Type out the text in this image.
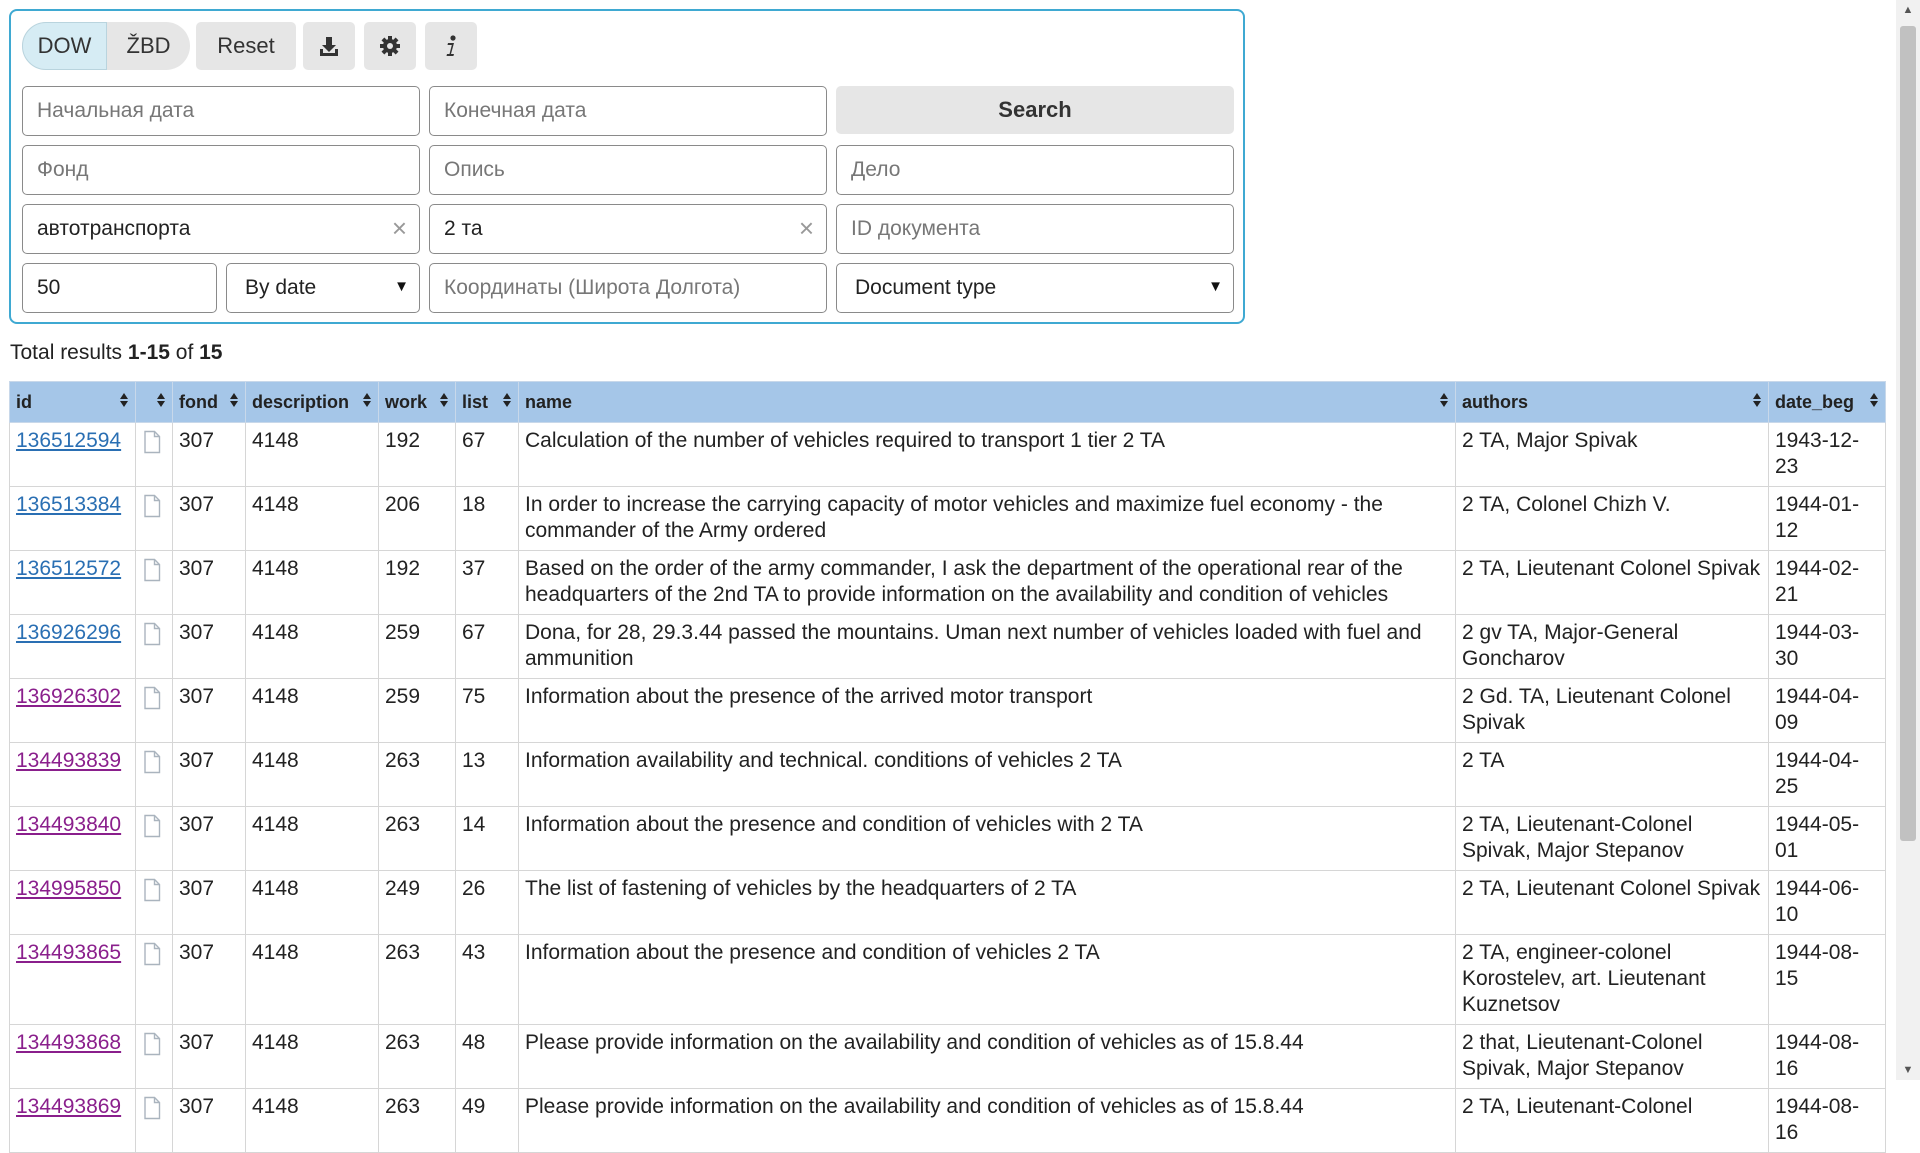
DOW	ŽBD	Reset
Начальная дата	Конечная дата	Search
Фонд	Опись	Дело
автотранспорта	× 2 та	×	ID документа
50	By date	▼	Координаты (Широта Долгота)	Document type	▼
Total results 1-15 of 15
id		fond	description	work	list	name	authors	date_beg

136512594		307	4148	192	67	Calculation of the number of vehicles required to transport 1 tier 2 TA	2 TA, Major Spivak	1943-12-23
136513384		307	4148	206	18	In order to increase the carrying capacity of motor vehicles and maximize fuel economy - the commander of the Army ordered	2 TA, Colonel Chizh V.	1944-01-12
136512572		307	4148	192	37	Based on the order of the army commander, I ask the department of the operational rear of the headquarters of the 2nd TA to provide information on the availability and condition of vehicles	2 TA, Lieutenant Colonel Spivak	1944-02-21
136926296		307	4148	259	67	Dona, for 28, 29.3.44 passed the mountains. Uman next number of vehicles loaded with fuel and ammunition	2 gv TA, Major-General Goncharov	1944-03-30
136926302		307	4148	259	75	Information about the presence of the arrived motor transport	2 Gd. TA, Lieutenant Colonel Spivak	1944-04-09
134493839		307	4148	263	13	Information availability and technical. conditions of vehicles 2 TA	2 TA	1944-04-25
134493840		307	4148	263	14	Information about the presence and condition of vehicles with 2 TA	2 TA, Lieutenant-Colonel Spivak, Major Stepanov	1944-05-01
134995850		307	4148	249	26	The list of fastening of vehicles by the headquarters of 2 TA	2 TA, Lieutenant Colonel Spivak	1944-06-10
134493865		307	4148	263	43	Information about the presence and condition of vehicles 2 TA	2 TA, engineer-colonel Korostelev, art. Lieutenant Kuznetsov	1944-08-15
134493868		307	4148	263	48	Please provide information on the availability and condition of vehicles as of 15.8.44	2 that, Lieutenant-Colonel Spivak, Major Stepanov	1944-08-16
134493869		307	4148	263	49	Please provide information on the availability and condition of vehicles as of 15.8.44	2 TA, Lieutenant-Colonel	1944-08-16
▲
▼
